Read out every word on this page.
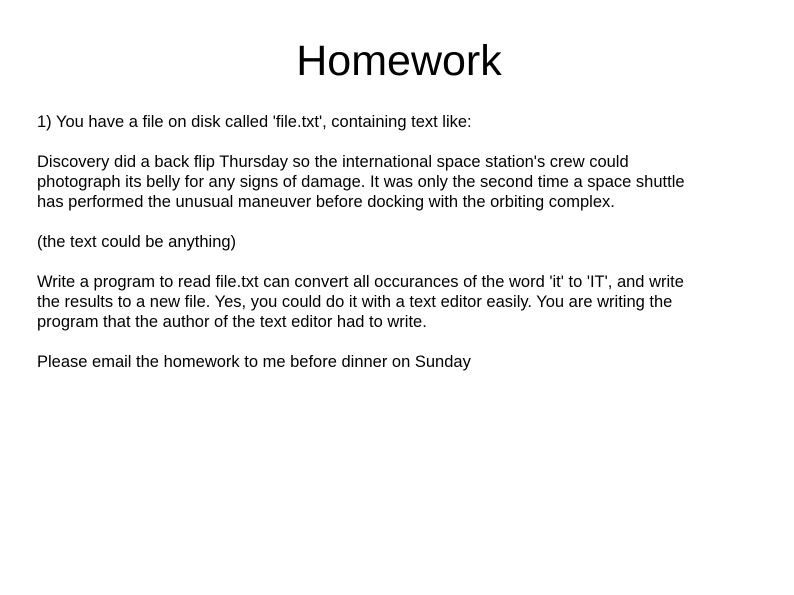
Homework

1) You have a file on disk called 'file.txt', containing text like:

Discovery did a back flip Thursday so the international space station's crew could
photograph its belly for any signs of damage. It was only the second time a space shuttle
has performed the unusual maneuver before docking with the orbiting complex.

(the text could be anything)

Write a program to read file.txt can convert all occurances of the word 'it' to 'IT', and write
the results to a new file. Yes, you could do it with a text editor easily. You are writing the
program that the author of the text editor had to write.

Please email the homework to me before dinner on Sunday
